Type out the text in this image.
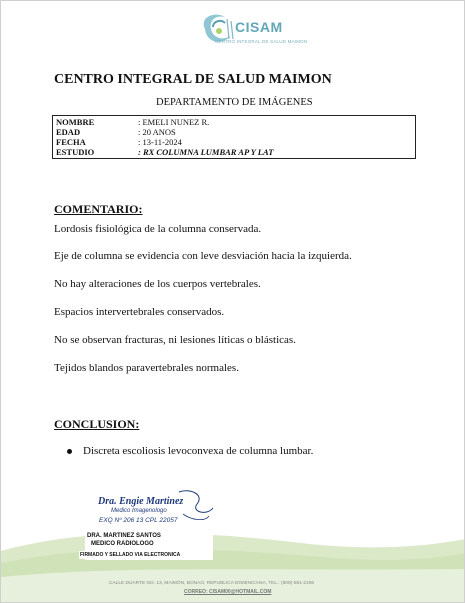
CISAM
CENTRO INTEGRAL DE SALUD MAIMON
CENTRO INTEGRAL DE SALUD MAIMON
DEPARTAMENTO DE IMÁGENES
NOMBRE	: EMELI NUNEZ R.
EDAD	: 20 ANOS
FECHA	: 13-11-2024
ESTUDIO	: RX COLUMNA LUMBAR AP Y LAT
COMENTARIO:
Lordosis fisiológica de la columna conservada.
Eje de columna se evidencia con leve desviación hacia la izquierda.
No hay alteraciones de los cuerpos vertebrales.
Espacios intervertebrales conservados.
No se observan fracturas, ni lesiones líticas o blásticas.
Tejidos blandos paravertebrales normales.
CONCLUSION:
Discreta escoliosis levoconvexa de columna lumbar.
Dra. Engie Martinez
Medico Imagenologo
EXQ Nº 206 13 CPL 22057
DRA. MARTINEZ SANTOS
MEDICO RADIOLOGO
FIRMADO Y SELLADO VIA ELECTRONICA
CALLE DUARTE NO. 13, MAIMÓN, BONAO, REPUBLICA DOMINICANA, TEL.: (809)-551-2196
CORREO: CISAM00@HOTMAIL.COM
